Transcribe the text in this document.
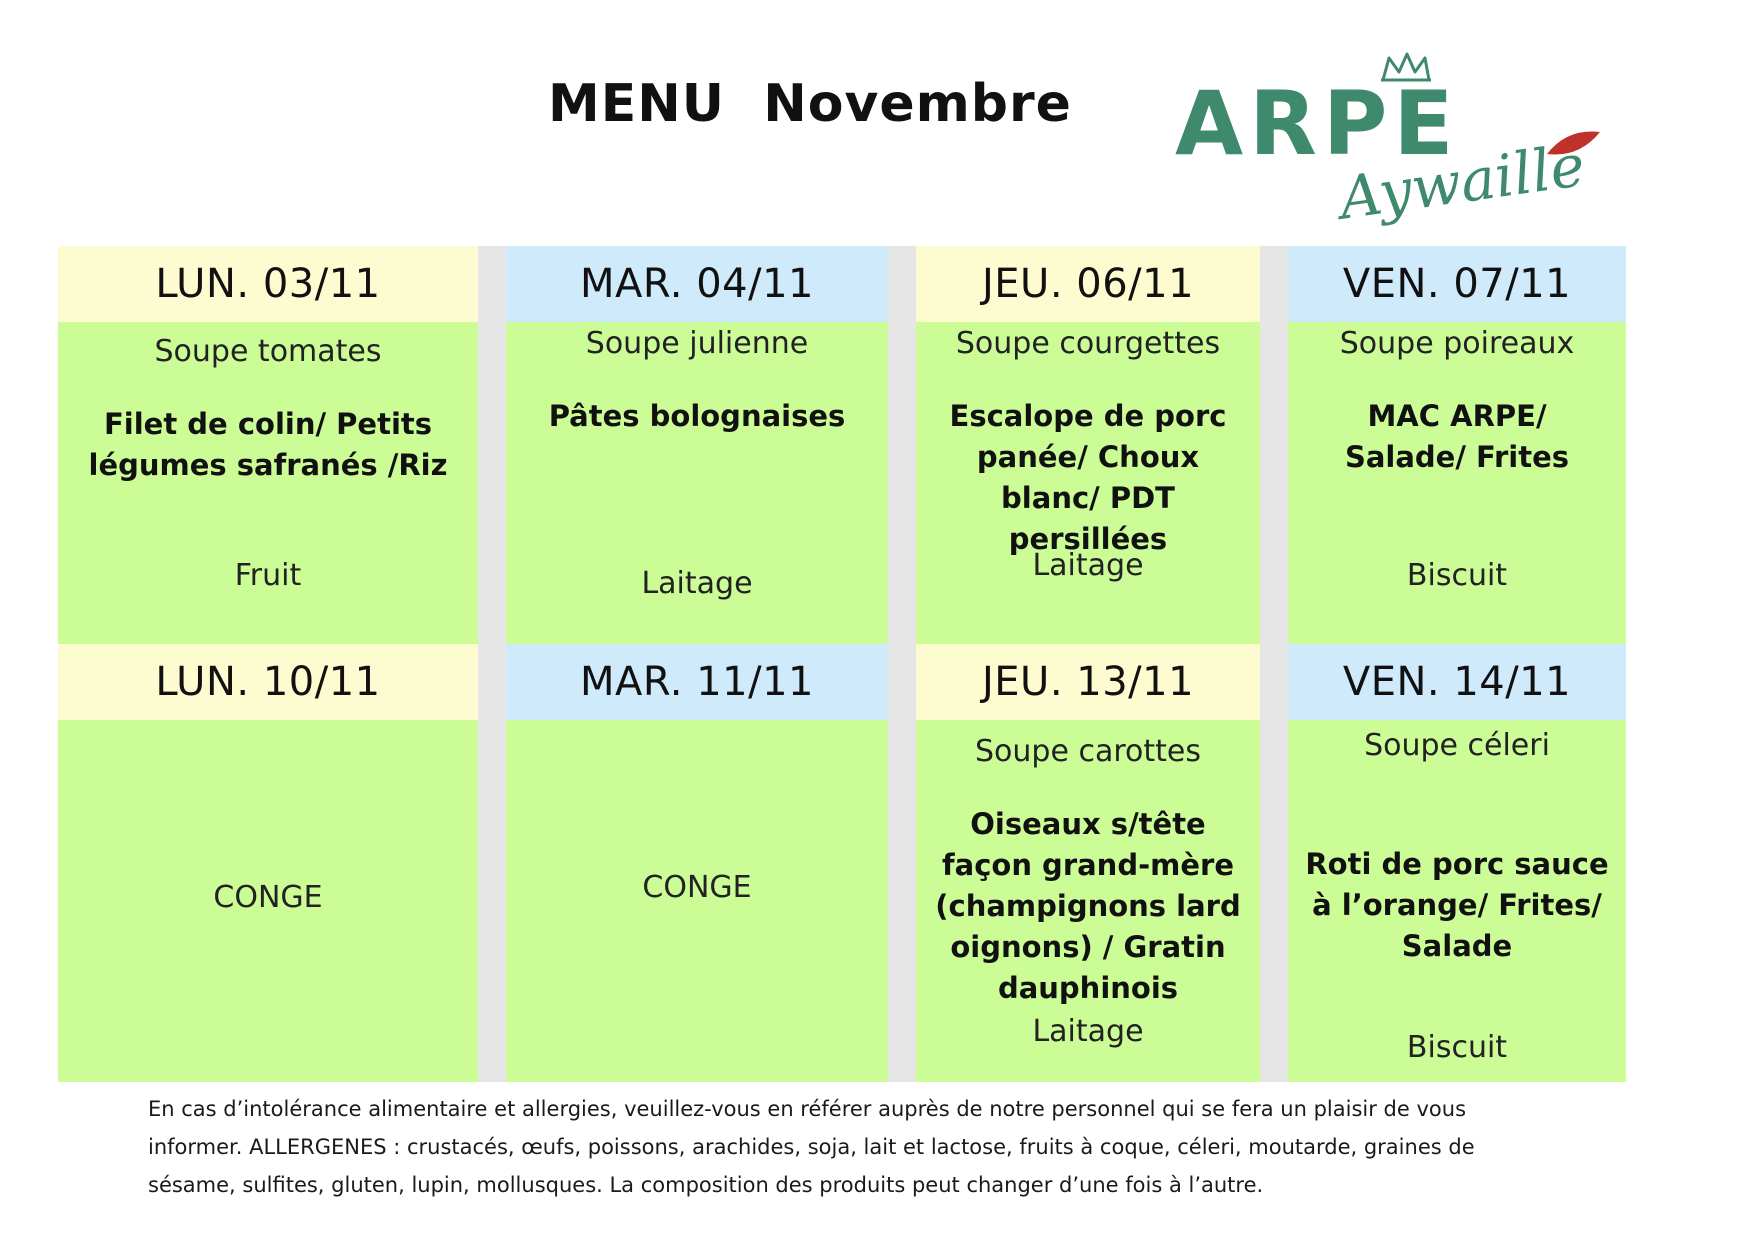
MENU  Novembre ARPE
Aywaille
LUN. 03/11
Soupe tomates
Filet de colin/ Petits légumes safranés /Riz
Fruit
MAR. 04/11
Soupe julienne
Pâtes bolognaises
Laitage
JEU. 06/11
Soupe courgettes
Escalope de porc panée/ Choux blanc/ PDT persillées
Laitage
VEN. 07/11
Soupe poireaux
MAC ARPE/ Salade/ Frites
Biscuit
LUN. 10/11
CONGE
MAR. 11/11
CONGE
JEU. 13/11
Soupe carottes
Oiseaux s/tête façon grand-mère (champignons lard oignons) / Gratin dauphinois
Laitage
VEN. 14/11
Soupe céleri
Roti de porc sauce à l’orange/ Frites/ Salade
Biscuit
En cas d’intolérance alimentaire et allergies, veuillez-vous en référer auprès de notre personnel qui se fera un plaisir de vous informer. ALLERGENES : crustacés, œufs, poissons, arachides, soja, lait et lactose, fruits à coque, céleri, moutarde, graines de sésame, sulfites, gluten, lupin, mollusques. La composition des produits peut changer d’une fois à l’autre.
